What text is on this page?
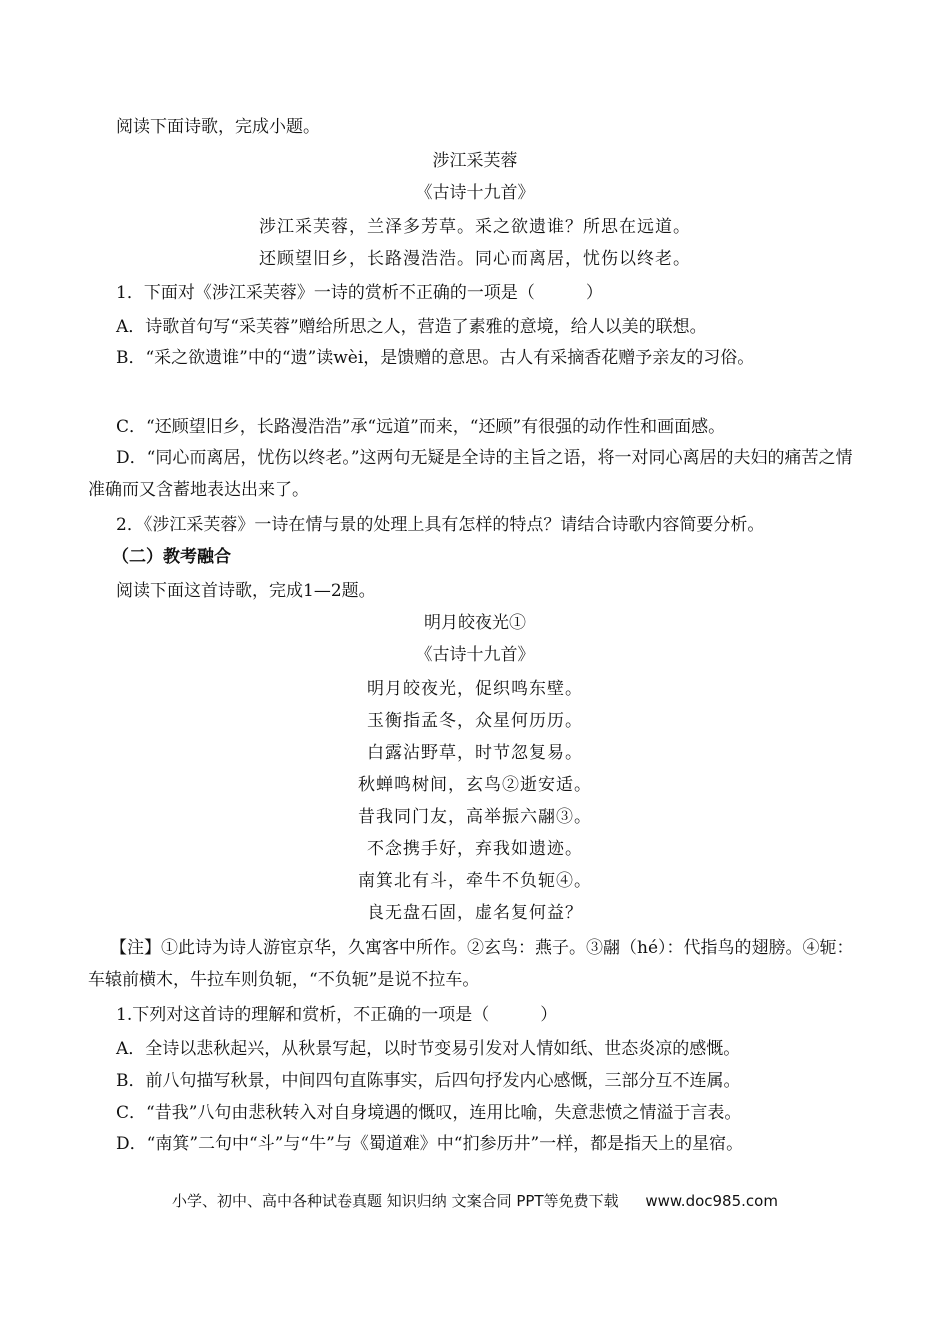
阅读下面诗歌，完成小题。
涉江采芙蓉
《古诗十九首》
涉江采芙蓉，兰泽多芳草。采之欲遗谁？所思在远道。
还顾望旧乡，长路漫浩浩。同心而离居，忧伤以终老。
1．下面对《涉江采芙蓉》一诗的赏析不正确的一项是（　　　）
A．诗歌首句写“采芙蓉”赠给所思之人，营造了素雅的意境，给人以美的联想。
B．“采之欲遗谁”中的“遗”读wèi，是馈赠的意思。古人有采摘香花赠予亲友的习俗。
C．“还顾望旧乡，长路漫浩浩”承“远道”而来，“还顾”有很强的动作性和画面感。
D．“同心而离居，忧伤以终老。”这两句无疑是全诗的主旨之语，将一对同心离居的夫妇的痛苦之情准确而又含蓄地表达出来了。
2．《涉江采芙蓉》一诗在情与景的处理上具有怎样的特点？请结合诗歌内容简要分析。
（二）教考融合
阅读下面这首诗歌，完成1—2题。
明月皎夜光①
《古诗十九首》
明月皎夜光，促织鸣东壁。
玉衡指孟冬，众星何历历。
白露沾野草，时节忽复易。
秋蝉鸣树间，玄鸟②逝安适。
昔我同门友，高举振六翮③。
不念携手好，弃我如遗迹。
南箕北有斗，牵牛不负轭④。
良无盘石固，虚名复何益？
【注】①此诗为诗人游宦京华，久寓客中所作。②玄鸟：燕子。③翮（hé）：代指鸟的翅膀。④轭：车辕前横木，牛拉车则负轭，“不负轭”是说不拉车。
1.下列对这首诗的理解和赏析，不正确的一项是（　　　）
A．全诗以悲秋起兴，从秋景写起，以时节变易引发对人情如纸、世态炎凉的感慨。
B．前八句描写秋景，中间四句直陈事实，后四句抒发内心感慨，三部分互不连属。
C．“昔我”八句由悲秋转入对自身境遇的慨叹，连用比喻，失意悲愤之情溢于言表。
D．“南箕”二句中“斗”与“牛”与《蜀道难》中“扪参历井”一样，都是指天上的星宿。
小学、初中、高中各种试卷真题 知识归纳 文案合同 PPT等免费下载 www.doc985.com
